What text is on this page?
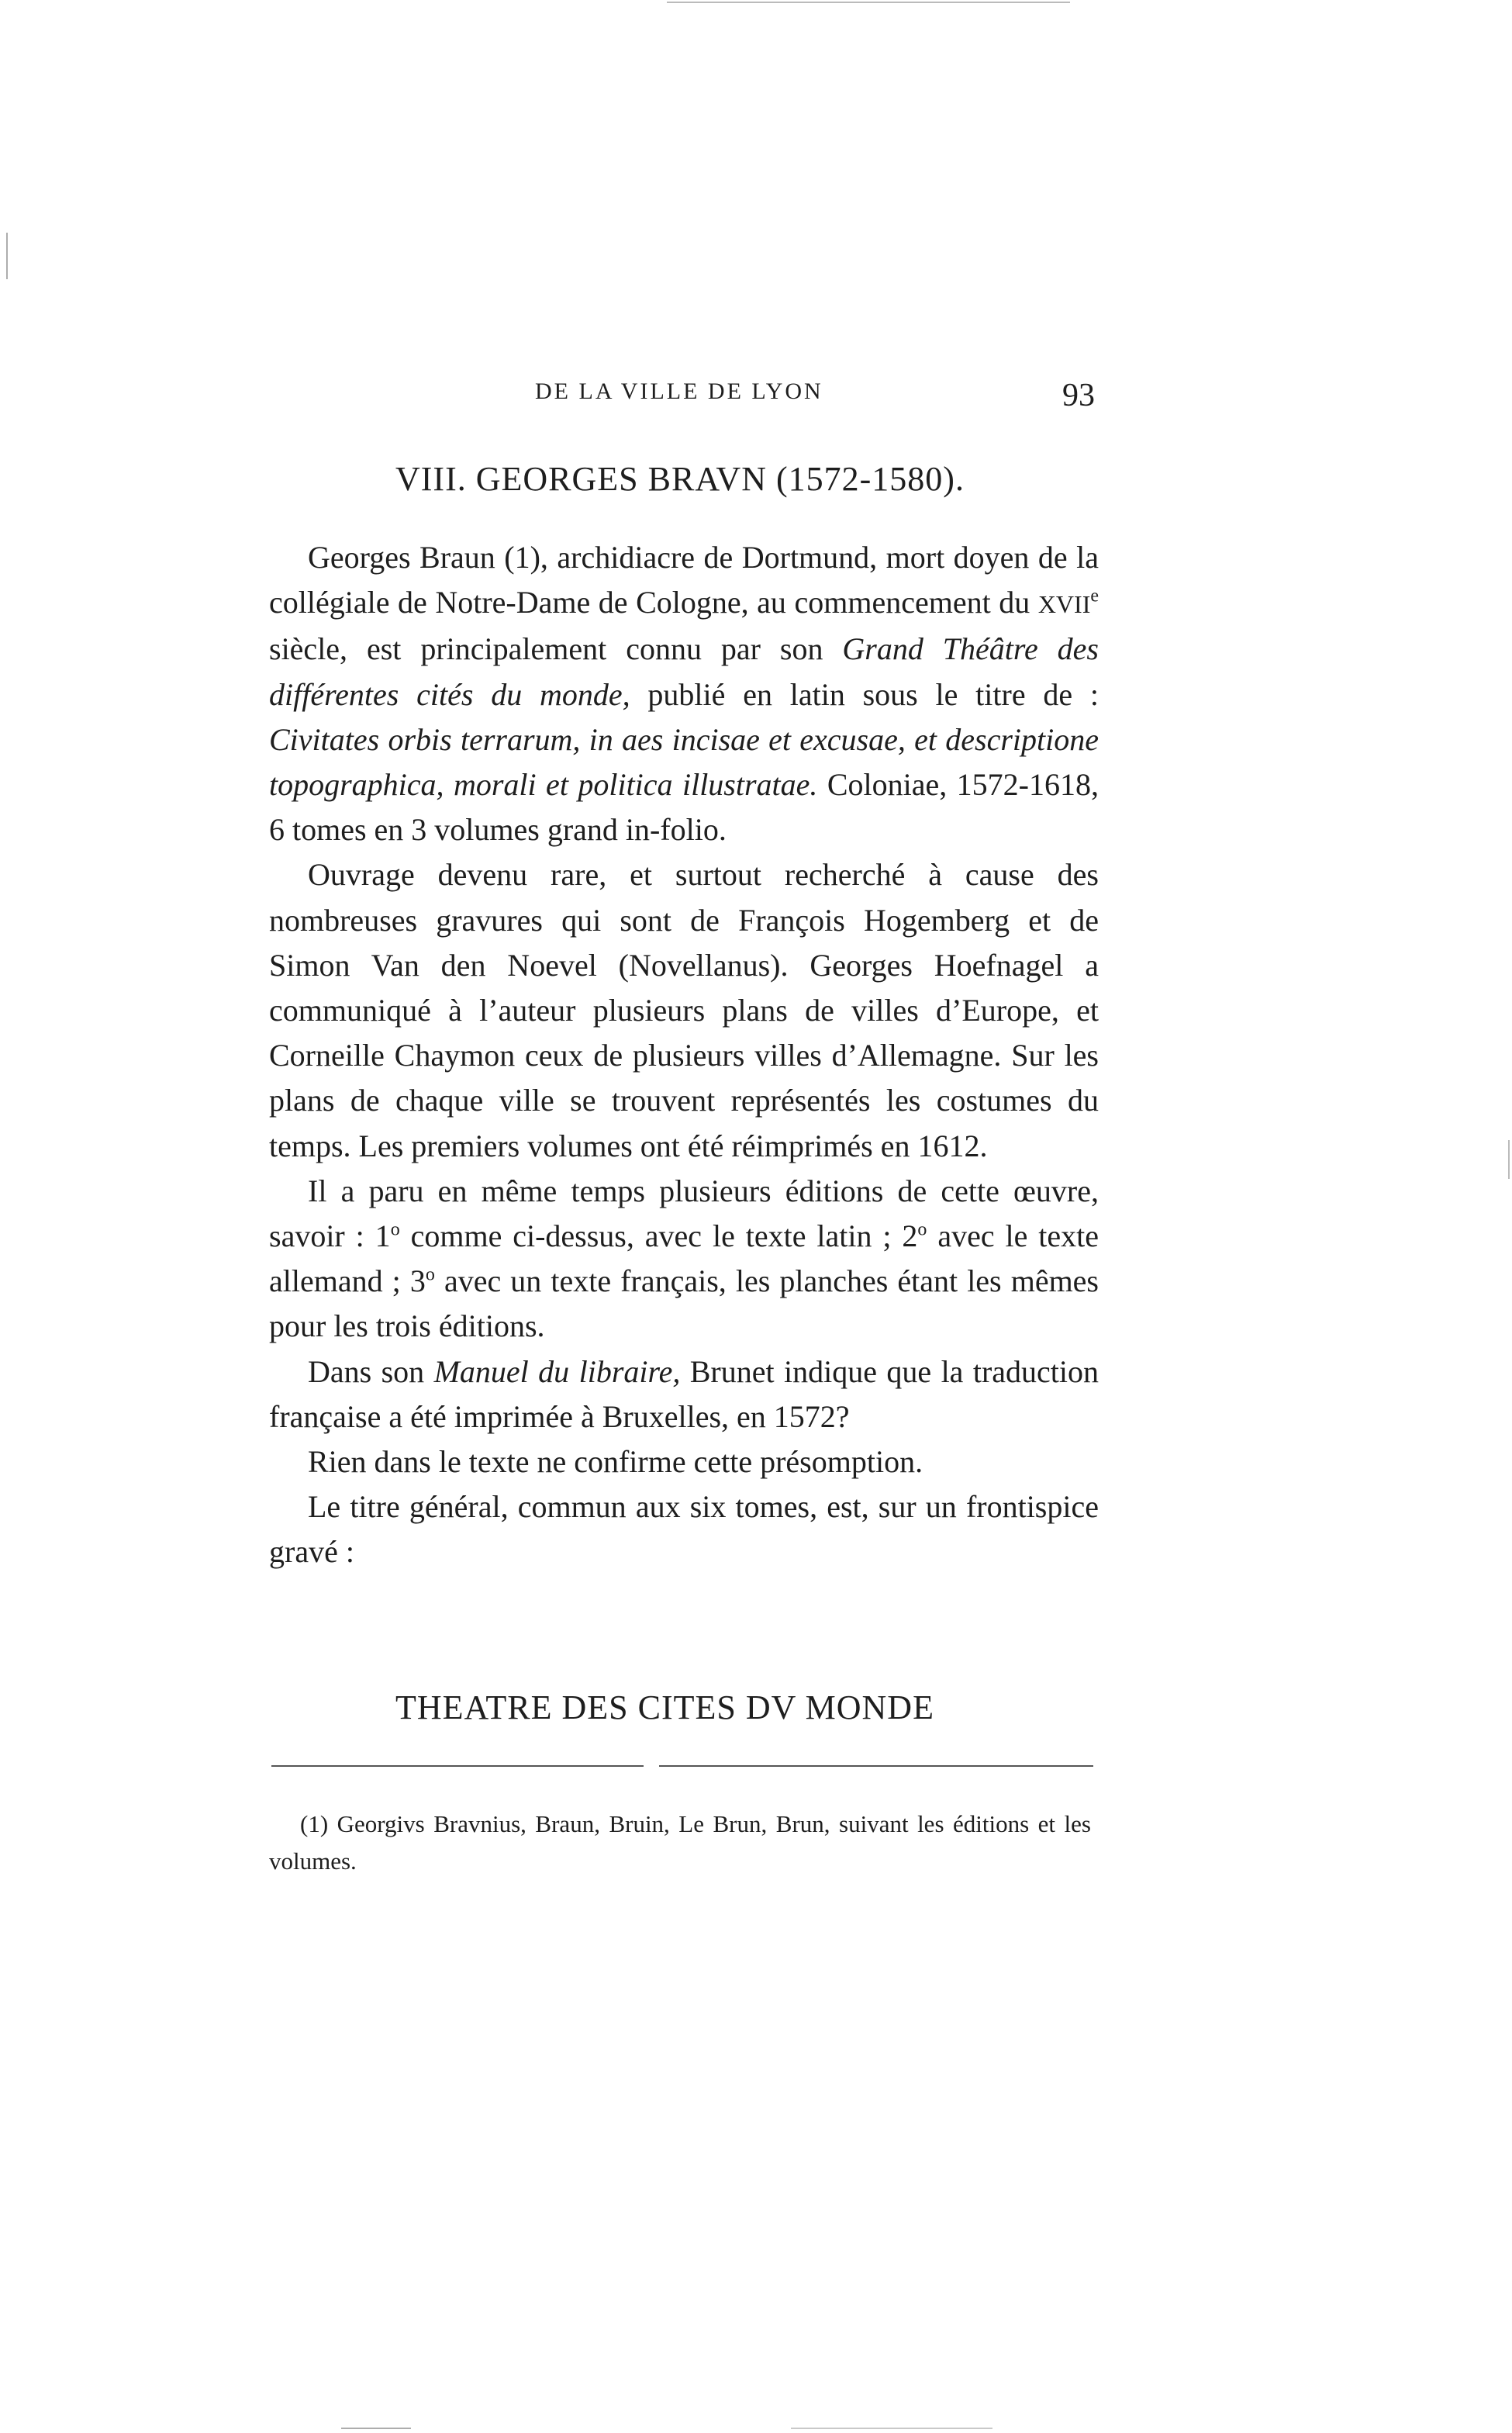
DE LA VILLE DE LYON	93
VIII. GEORGES BRAVN (1572-1580).

Georges Braun (1), archidiacre de Dortmund, mort doyen de la collégiale de Notre-Dame de Cologne, au commencement du XVIIe siècle, est principalement connu par son Grand Théâtre des différentes cités du monde, publié en latin sous le titre de : Civitates orbis terrarum, in aes incisae et excusae, et descriptione topographica, morali et politica illustratae. Coloniae, 1572-1618, 6 tomes en 3 volumes grand in-folio.

Ouvrage devenu rare, et surtout recherché à cause des nombreuses gravures qui sont de François Hogemberg et de Simon Van den Noevel (Novellanus). Georges Hoefnagel a communiqué à l’auteur plusieurs plans de villes d’Europe, et Corneille Chaymon ceux de plusieurs villes d’Allemagne. Sur les plans de chaque ville se trouvent représentés les costumes du temps. Les premiers volumes ont été réimprimés en 1612.

Il a paru en même temps plusieurs éditions de cette œuvre, savoir : 1$^o$ comme ci-dessus, avec le texte latin ; 2$^o$ avec le texte allemand ; 3$^o$ avec un texte français, les planches étant les mêmes pour les trois éditions.

Dans son Manuel du libraire, Brunet indique que la traduction française a été imprimée à Bruxelles, en 1572?

Rien dans le texte ne confirme cette présomption.

Le titre général, commun aux six tomes, est, sur un frontispice gravé :

THEATRE DES CITES DV MONDE

(1) Georgivs Bravnius, Braun, Bruin, Le Brun, Brun, suivant les éditions et les volumes.
